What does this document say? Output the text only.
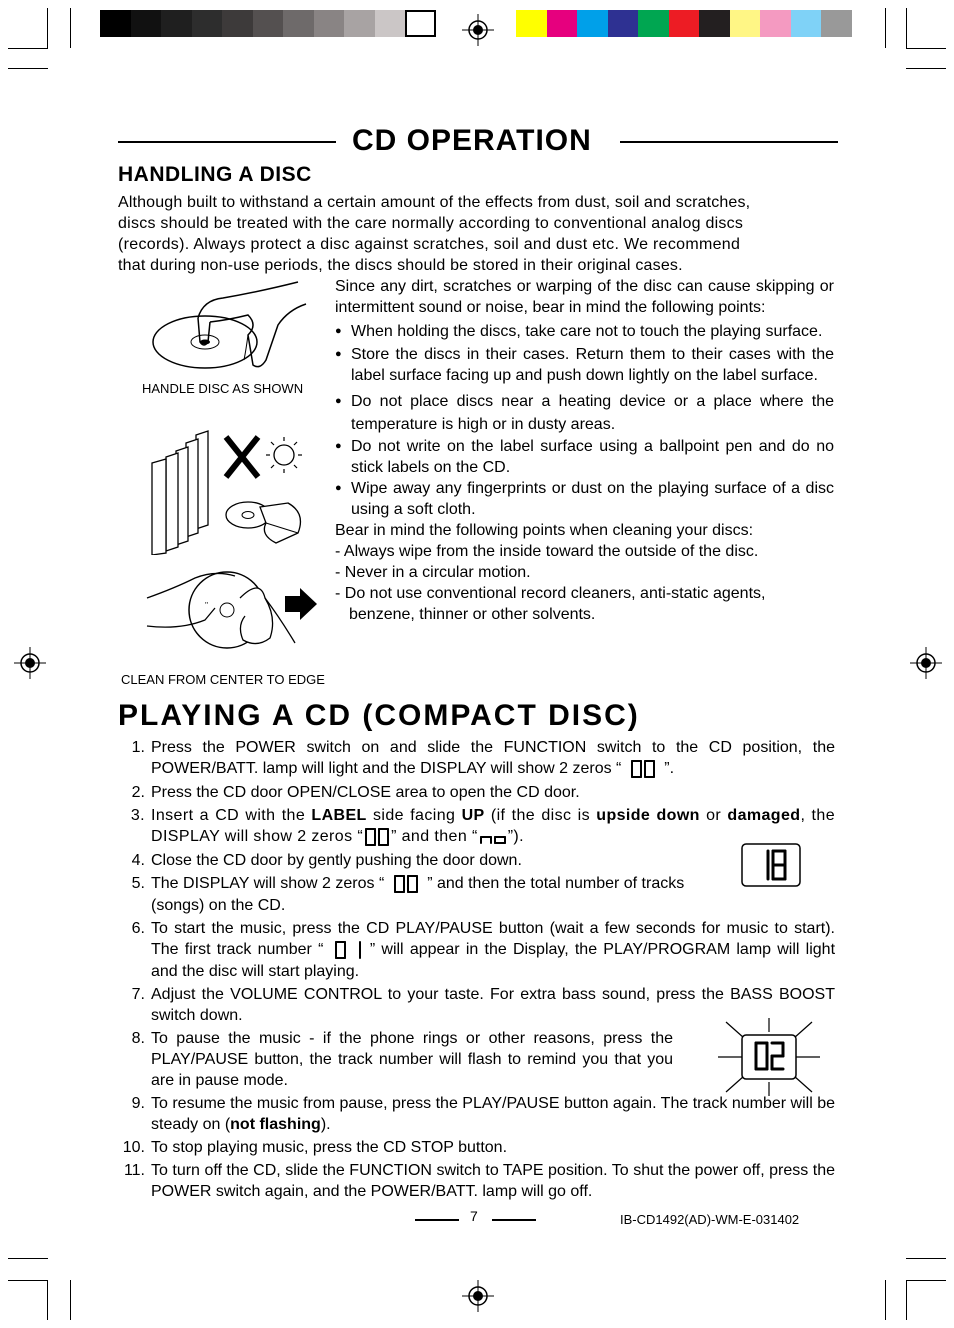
CD OPERATION
HANDLING A DISC
Although built to withstand a certain amount of the effects from dust, soil and scratches,
discs should be treated with the care normally according to conventional analog discs
(records). Always protect a disc against scratches, soil and dust etc. We recommend
that during non-use periods, the discs should be stored in their original cases.
Since any dirt, scratches or warping of the disc can cause skipping or intermittent sound or noise, bear in mind the following points:
● When holding the discs, take care not to touch the playing surface.
● Store the discs in their cases. Return them to their cases with the label surface facing up and push down lightly on the label surface.
● Do not place discs near a heating device or a place where the temperature is high or in dusty areas.
● Do not write on the label surface using a ballpoint pen and do no stick labels on the CD.
● Wipe away any fingerprints or dust on the playing surface of a disc using a soft cloth.
Bear in mind the following points when cleaning your discs:
- Always wipe from the inside toward the outside of the disc.
- Never in a circular motion.
- Do not use conventional record cleaners, anti-static agents,
benzene, thinner or other solvents.
HANDLE DISC AS SHOWN
''
CLEAN FROM CENTER TO EDGE
PLAYING A CD (COMPACT DISC)
1. Press the POWER switch on and slide the FUNCTION switch to the CD position, the POWER/BATT. lamp will light and the DISPLAY will show 2 zeros “	”.
2. Press the CD door OPEN/CLOSE area to open the CD door.
3. Insert a CD with the LABEL side facing UP (if the disc is upside down or damaged, the DISPLAY will show 2 zeros “ ” and then “ ”).
4. Close the CD door by gently pushing the door down.
5. The DISPLAY will show 2 zeros “	” and then the total number of tracks (songs) on the CD.
6. To start the music, press the CD PLAY/PAUSE button (wait a few seconds for music to start). The first track number “	” will appear in the Display, the PLAY/PROGRAM lamp will light and the disc will start playing.
7. Adjust the VOLUME CONTROL to your taste. For extra bass sound, press the BASS BOOST switch down.
8. To pause the music - if the phone rings or other reasons, press the PLAY/PAUSE button, the track number will flash to remind you that you are in pause mode.
9. To resume the music from pause, press the PLAY/PAUSE button again. The track number will be steady on (not flashing).
10. To stop playing music, press the CD STOP button.
11. To turn off the CD, slide the FUNCTION switch to TAPE position. To shut the power off, press the POWER switch again, and the POWER/BATT. lamp will go off.
7	IB-CD1492(AD)-WM-E-031402
